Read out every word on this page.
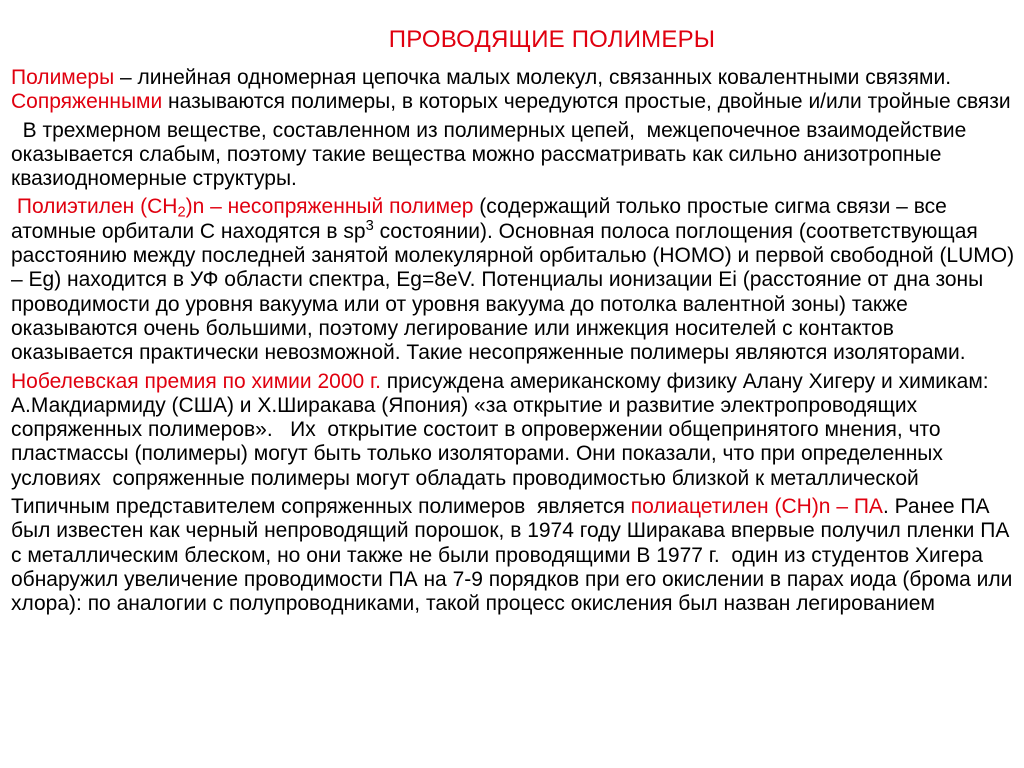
ПРОВОДЯЩИЕ ПОЛИМЕРЫ

Полимеры – линейная одномерная цепочка малых молекул, связанных ковалентными связями. Сопряженными называются полимеры, в которых чередуются простые, двойные и/или тройные связи

В трехмерном веществе, составленном из полимерных цепей,  межцепочечное взаимодействие оказывается слабым, поэтому такие вещества можно рассматривать как сильно анизотропные квазиодномерные структуры.

Полиэтилен $(CH_2)n$ – несопряженный полимер (содержащий только простые сигма связи – все атомные орбитали С находятся в $sp^3$ состоянии). Основная полоса поглощения (соответствующая расстоянию между последней занятой молекулярной орбиталью (HOMO) и первой свободной (LUMO) – Eg) находится в УФ области спектра, Eg=8eV. Потенциалы ионизации Ei (расстояние от дна зоны проводимости до уровня вакуума или от уровня вакуума до потолка валентной зоны) также оказываются очень большими, поэтому легирование или инжекция носителей с контактов оказывается практически невозможной. Такие несопряженные полимеры являются изоляторами.

Нобелевская премия по химии 2000 г. присуждена американскому физику Алану Хигеру и химикам: А.Макдиармиду (США) и Х.Ширакава (Япония) «за открытие и развитие электропроводящих  сопряженных полимеров».   Их  открытие состоит в опровержении общепринятого мнения, что пластмассы (полимеры) могут быть только изоляторами. Они показали, что при определенных условиях  сопряженные полимеры могут обладать проводимостью близкой к металлической

Типичным представителем сопряженных полимеров  является полиацетилен (CH)n – ПА. Ранее ПА был известен как черный непроводящий порошок, в 1974 году Ширакава впервые получил пленки ПА с металлическим блеском, но они также не были проводящими В 1977 г.  один из студентов Хигера обнаружил увеличение проводимости ПА на 7-9 порядков при его окислении в парах иода (брома или хлора): по аналогии с полупроводниками, такой процесс окисления был назван легированием
